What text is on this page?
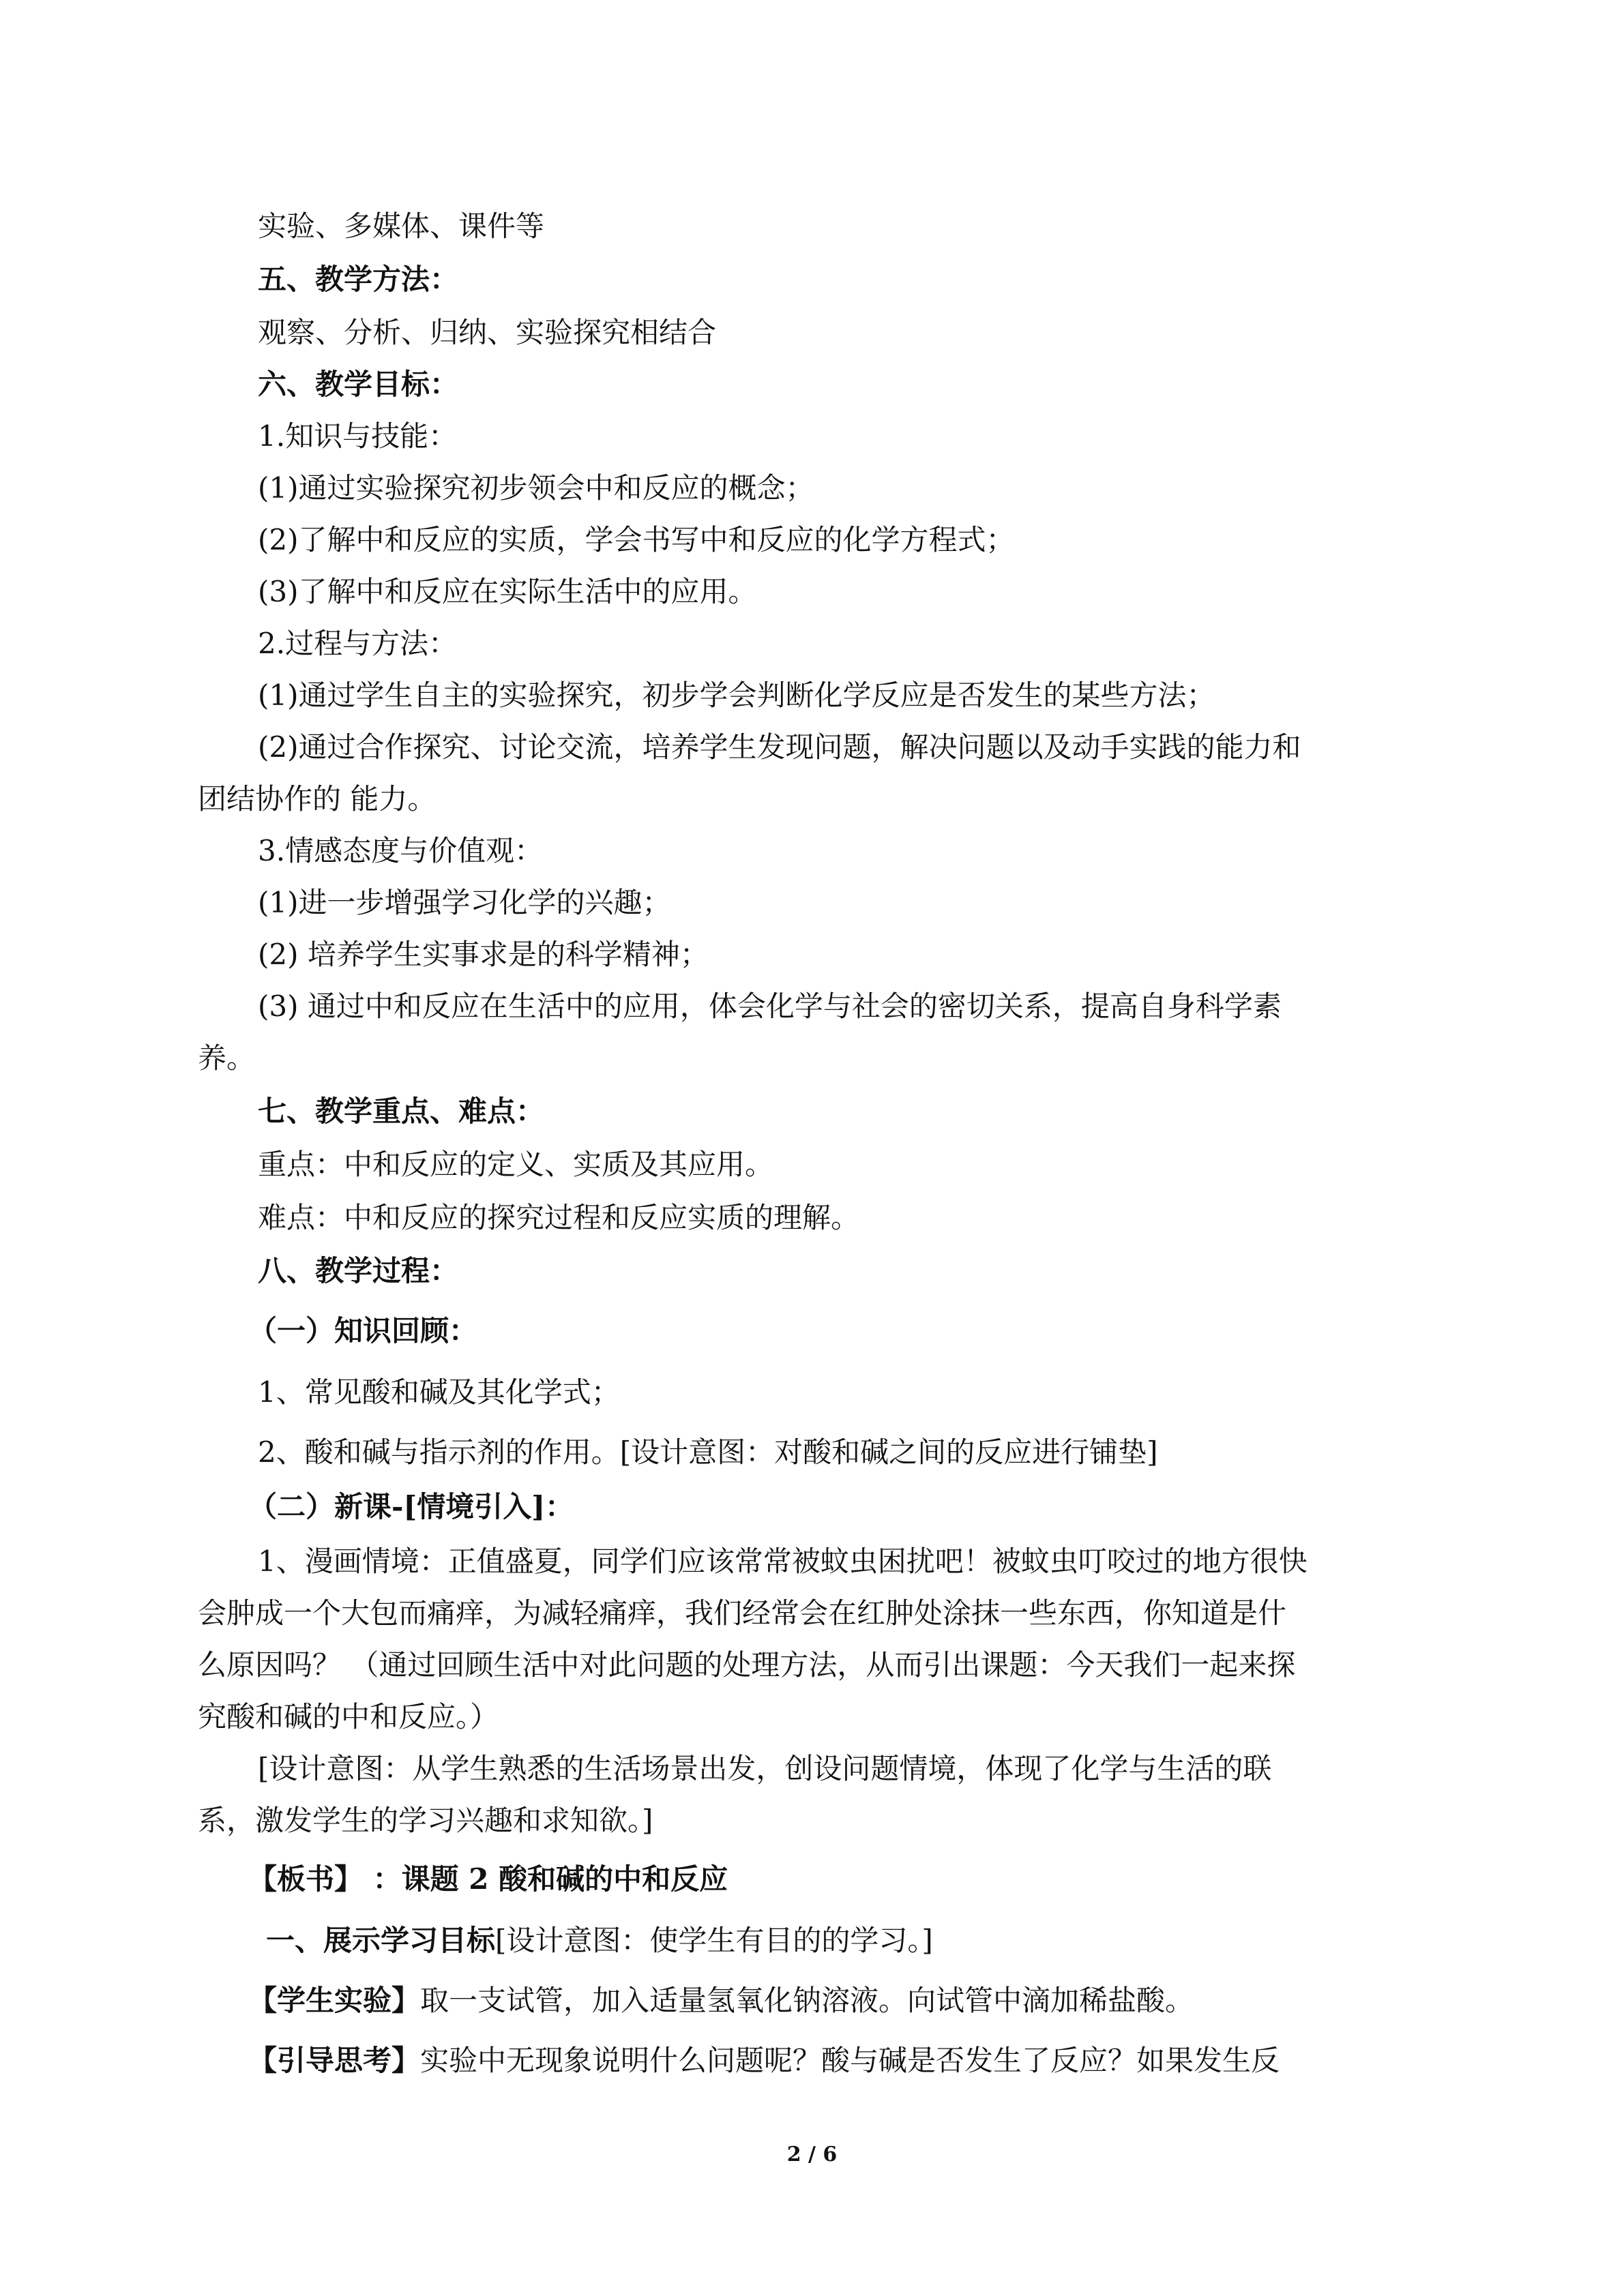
实验、多媒体、课件等
五、教学方法：
观察、分析、归纳、实验探究相结合
六、教学目标：
1.知识与技能：
(1)通过实验探究初步领会中和反应的概念；
(2)了解中和反应的实质，学会书写中和反应的化学方程式；
(3)了解中和反应在实际生活中的应用。
2.过程与方法：
(1)通过学生自主的实验探究，初步学会判断化学反应是否发生的某些方法；
(2)通过合作探究、讨论交流，培养学生发现问题，解决问题以及动手实践的能力和
团结协作的 能力。
3.情感态度与价值观：
(1)进一步增强学习化学的兴趣；
(2) 培养学生实事求是的科学精神；
(3) 通过中和反应在生活中的应用，体会化学与社会的密切关系，提高自身科学素
养。
七、教学重点、难点：
重点：中和反应的定义、实质及其应用。
难点：中和反应的探究过程和反应实质的理解。
八、教学过程：
（一）知识回顾：
1、常见酸和碱及其化学式；
2、酸和碱与指示剂的作用。[设计意图：对酸和碱之间的反应进行铺垫]
（二）新课-[情境引入]：
1、漫画情境：正值盛夏，同学们应该常常被蚊虫困扰吧！被蚊虫叮咬过的地方很快
会肿成一个大包而痛痒，为减轻痛痒，我们经常会在红肿处涂抹一些东西，你知道是什
么原因吗？ （通过回顾生活中对此问题的处理方法，从而引出课题：今天我们一起来探
究酸和碱的中和反应。）
[设计意图：从学生熟悉的生活场景出发，创设问题情境，体现了化学与生活的联
系，激发学生的学习兴趣和求知欲。]
【板书】 ：课题 2 酸和碱的中和反应
一、展示学习目标[设计意图：使学生有目的的学习。]
【学生实验】取一支试管，加入适量氢氧化钠溶液。向试管中滴加稀盐酸。
【引导思考】实验中无现象说明什么问题呢？酸与碱是否发生了反应？如果发生反
2 / 6
